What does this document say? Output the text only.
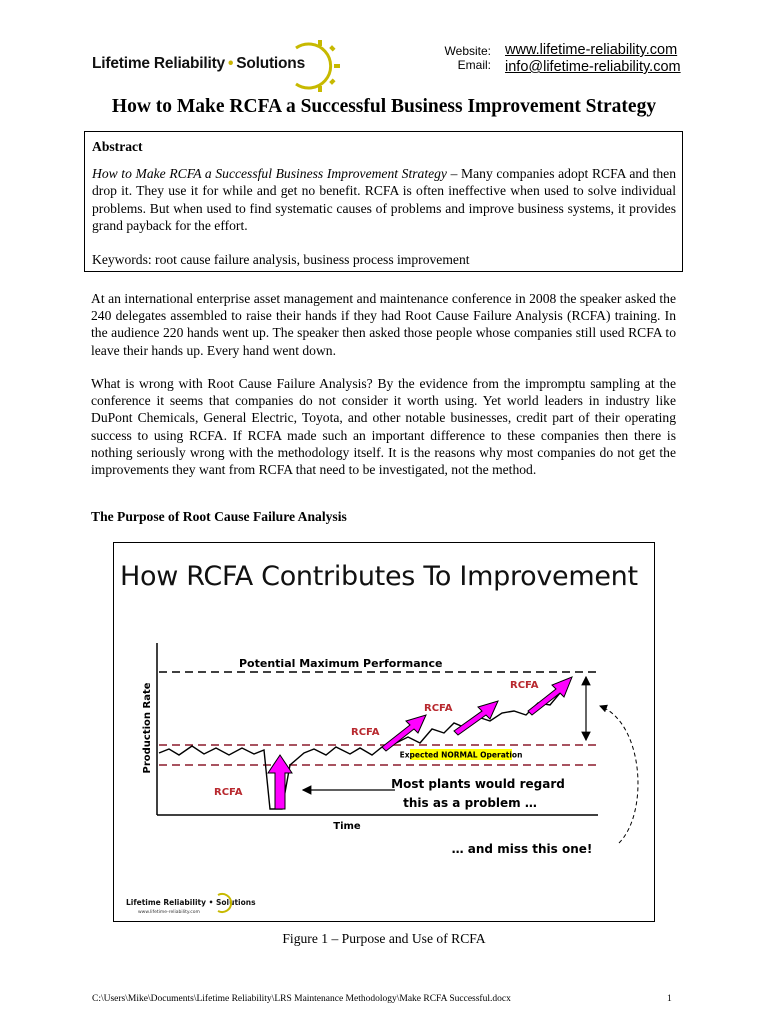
Lifetime Reliability • Solutions
Website:
Email:
www.lifetime-reliability.com
info@lifetime-reliability.com
How to Make RCFA a Successful Business Improvement Strategy

Abstract

How to Make RCFA a Successful Business Improvement Strategy – Many companies adopt RCFA and then drop it. They use it for while and get no benefit. RCFA is often ineffective when used to solve individual problems. But when used to find systematic causes of problems and improve business systems, it provides grand payback for the effort.

Keywords: root cause failure analysis, business process improvement

At an international enterprise asset management and maintenance conference in 2008 the speaker asked the 240 delegates assembled to raise their hands if they had Root Cause Failure Analysis (RCFA) training. In the audience 220 hands went up. The speaker then asked those people whose companies still used RCFA to leave their hands up. Every hand went down.

What is wrong with Root Cause Failure Analysis? By the evidence from the impromptu sampling at the conference it seems that companies do not consider it worth using. Yet world leaders in industry like DuPont Chemicals, General Electric, Toyota, and other notable businesses, credit part of their operating success to using RCFA. If RCFA made such an important difference to these companies then there is nothing seriously wrong with the methodology itself. It is the reasons why most companies do not get the improvements they want from RCFA that need to be investigated, not the method.

The Purpose of Root Cause Failure Analysis
How RCFA Contributes To Improvement
Production Rate
Time
Potential Maximum Performance
RCFA
RCFA
RCFA
RCFA
Expected NORMAL Operation
Most plants would regard
this as a problem …
… and miss this one!
Lifetime Reliability • Solutions
www.lifetime-reliability.com
Figure 1 – Purpose and Use of RCFA
C:\Users\Mike\Documents\Lifetime Reliability\LRS Maintenance Methodology\Make RCFA Successful.docx	1
